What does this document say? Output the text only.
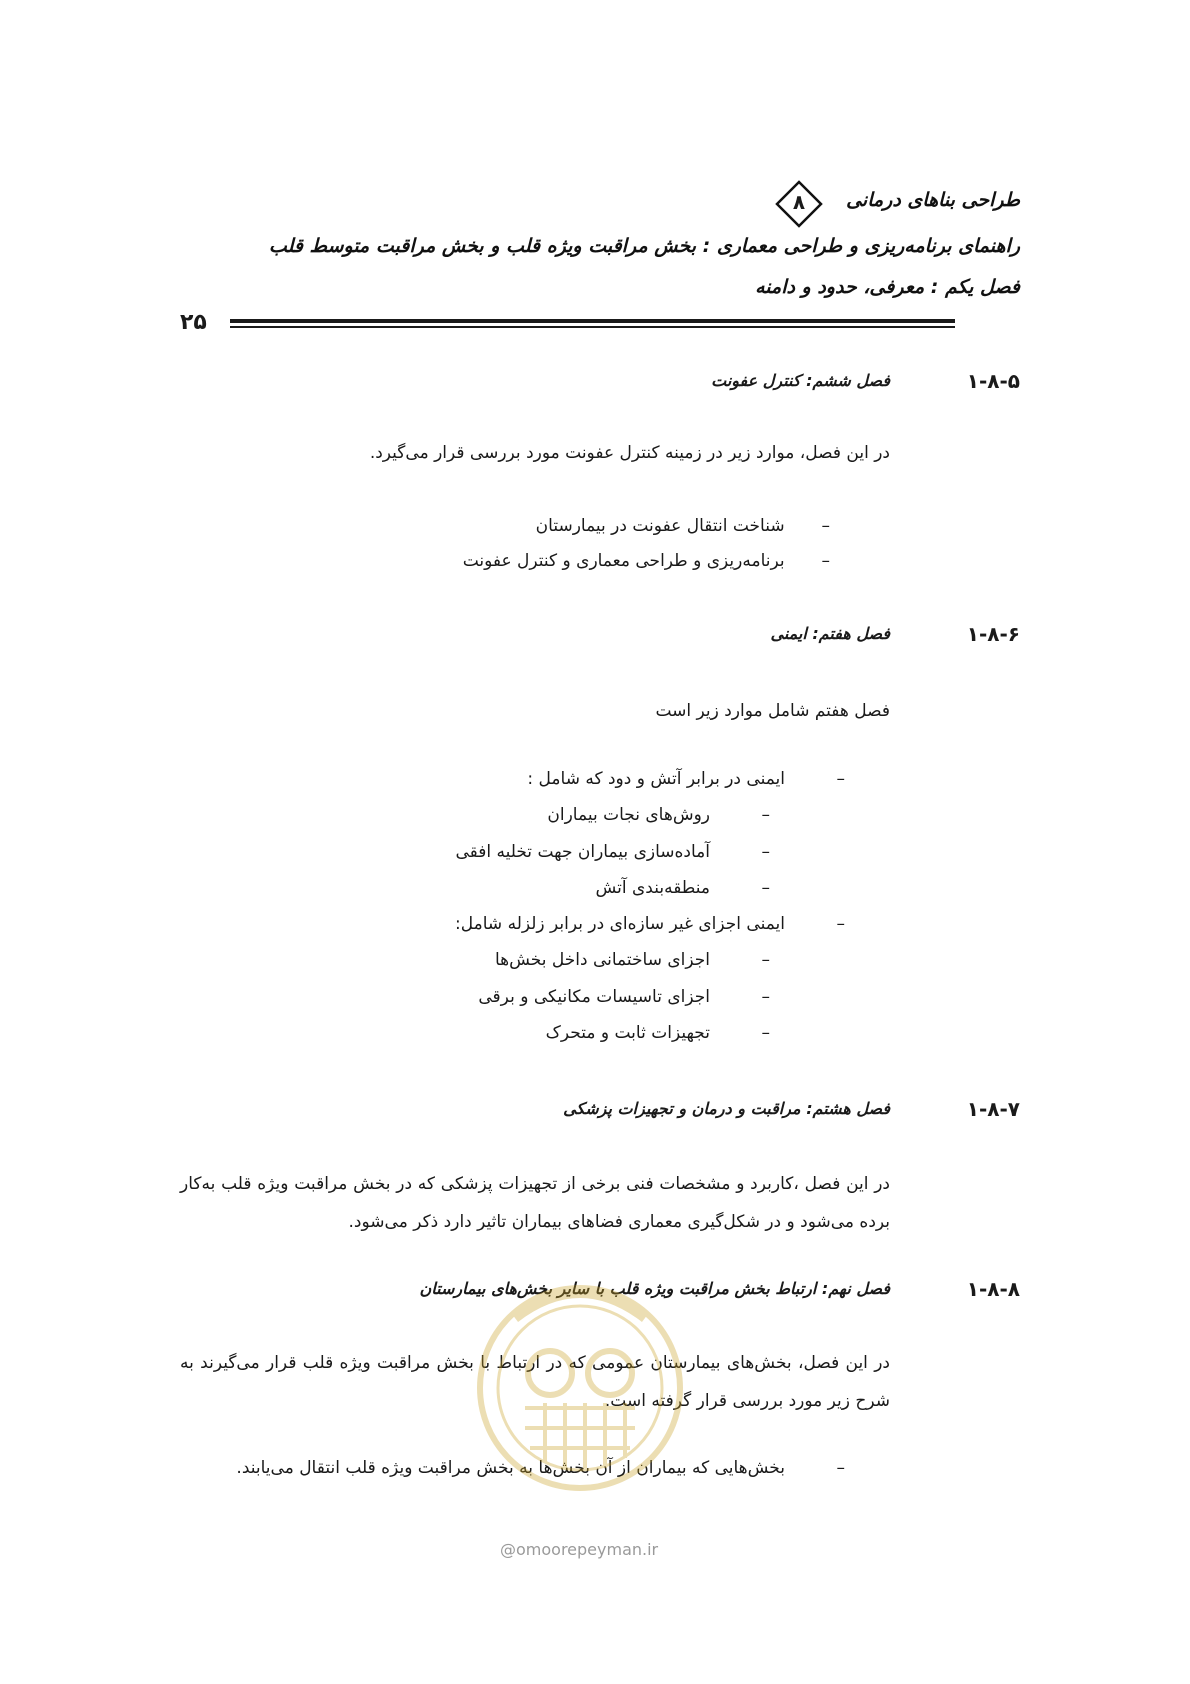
طراحی بناهای درمانی
۸
راهنمای برنامه‌ریزی و طراحی معماری : بخش مراقبت ویژه قلب و بخش مراقبت متوسط قلب
فصل یکم : معرفی، حدود و دامنه
۲۵
۱-۸-۵
فصل ششم: کنترل عفونت
در این فصل، موارد زیر در زمینه کنترل عفونت مورد بررسی قرار می‌گیرد.
– شناخت انتقال عفونت در بیمارستان
– برنامه‌ریزی و طراحی معماری و کنترل عفونت
۱-۸-۶
فصل هفتم: ایمنی
فصل هفتم شامل موارد زیر است
–ایمنی در برابر آتش و دود که شامل :
–روش‌های نجات بیماران
–آماده‌سازی بیماران جهت تخلیه افقی
–منطقه‌بندی آتش
–ایمنی اجزای غیر سازه‌ای در برابر زلزله شامل:
–اجزای ساختمانی داخل بخش‌ها
–اجزای تاسیسات مکانیکی و برقی
–تجهیزات ثابت و متحرک
۱-۸-۷
فصل هشتم: مراقبت و درمان و تجهیزات پزشکی
در این فصل ،کاربرد و مشخصات فنی برخی از تجهیزات پزشکی که در بخش مراقبت ویژه قلب به‌کار برده می‌شود و در شکل‌گیری معماری فضاهای بیماران تاثیر دارد ذکر می‌شود.
۱-۸-۸
فصل نهم: ارتباط بخش مراقبت ویژه قلب با سایر بخش‌های بیمارستان
در این فصل، بخش‌های بیمارستان عمومی که در ارتباط با بخش مراقبت ویژه قلب قرار می‌گیرند به شرح زیر مورد بررسی قرار گرفته است.
–بخش‌هایی که بیماران از آن بخش‌ها به بخش مراقبت ویژه قلب انتقال می‌یابند.
@omoorepeyman.ir
